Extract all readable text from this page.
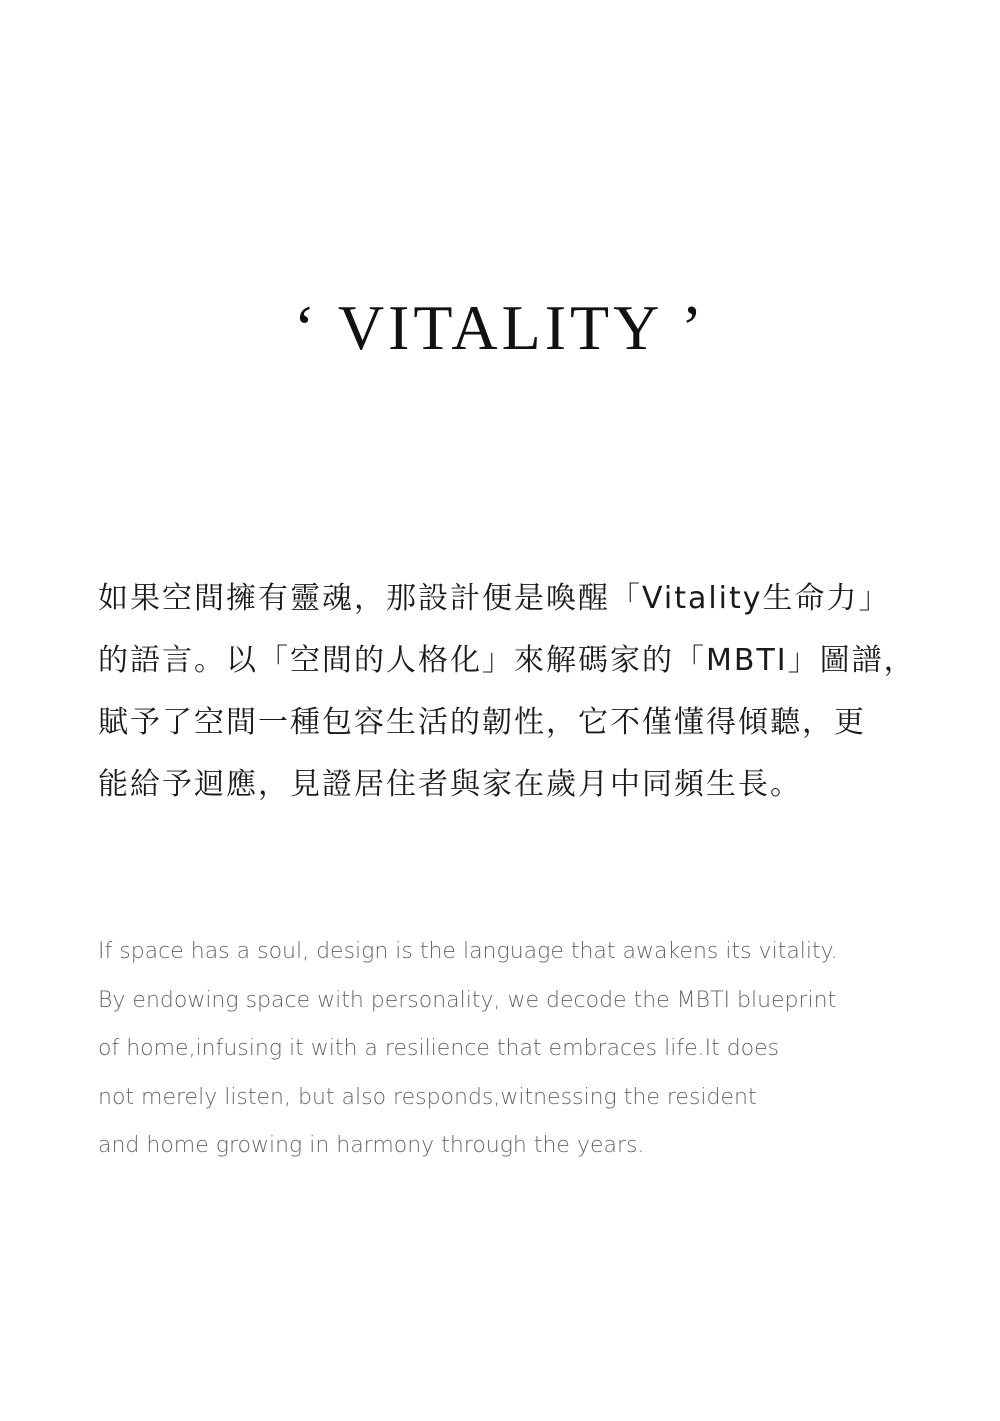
‘ VITALITY ’
如果空間擁有靈魂，那設計便是喚醒「Vitality生命力」
的語言。以「空間的人格化」來解碼家的「MBTI」圖譜，
賦予了空間一種包容生活的韌性，它不僅懂得傾聽，更
能給予迴應，見證居住者與家在歲月中同頻生長。
If space has a soul, design is the language that awakens its vitality.
By endowing space with personality, we decode the MBTI blueprint
of home,infusing it with a resilience that embraces life.It does
not merely listen, but also responds,witnessing the resident
and home growing in harmony through the years.
